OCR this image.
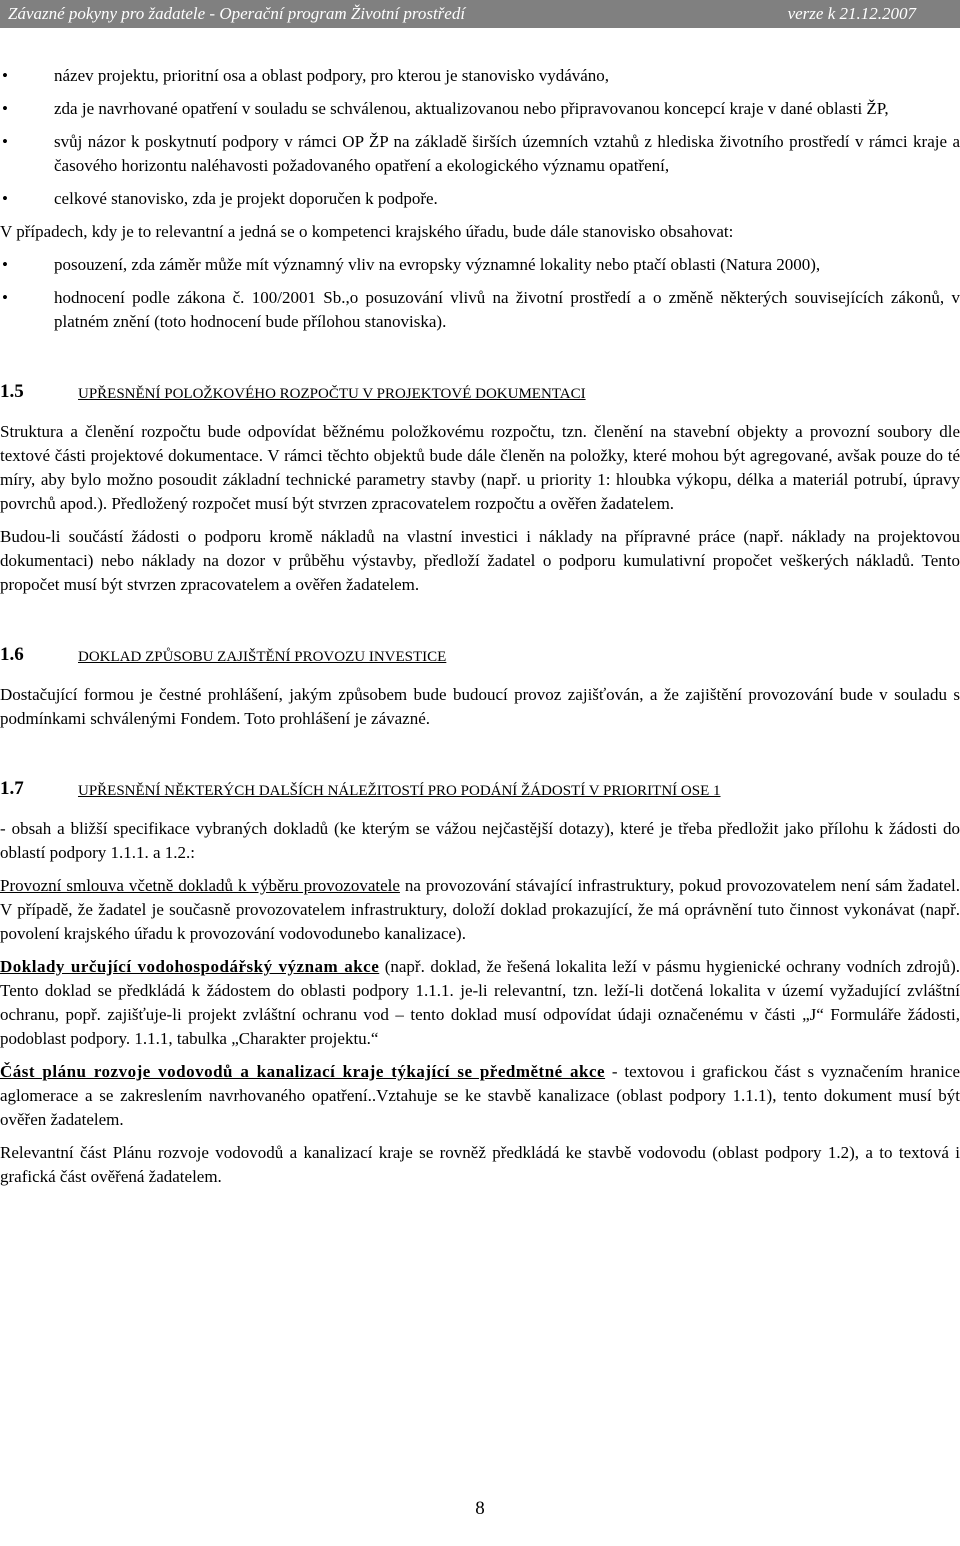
Závazné pokyny pro žadatele - Operační program Životní prostředí	verze k 21.12.2007
• název projektu, prioritní osa a oblast podpory, pro kterou je stanovisko vydáváno,
• zda je navrhované opatření v souladu se schválenou, aktualizovanou nebo připravovanou koncepcí kraje v dané oblasti ŽP,
• svůj názor k poskytnutí podpory v rámci OP ŽP na základě širších územních vztahů z hlediska životního prostředí v rámci kraje a časového horizontu naléhavosti požadovaného opatření a ekologického významu opatření,
• celkové stanovisko, zda je projekt doporučen k podpoře.

V případech, kdy je to relevantní a jedná se o kompetenci krajského úřadu, bude dále stanovisko obsahovat:

• posouzení, zda záměr může mít významný vliv na evropsky významné lokality nebo ptačí oblasti (Natura 2000),
• hodnocení podle zákona č. 100/2001 Sb.,o posuzování vlivů na životní prostředí a o změně některých souvisejících zákonů, v platném znění (toto hodnocení bude přílohou stanoviska).
1.5	UPŘESNĚNÍ POLOŽKOVÉHO ROZPOČTU V PROJEKTOVÉ DOKUMENTACI

Struktura a členění rozpočtu bude odpovídat běžnému položkovému rozpočtu, tzn. členění na stavební objekty a provozní soubory dle textové části projektové dokumentace. V rámci těchto objektů bude dále členěn na položky, které mohou být agregované, avšak pouze do té míry, aby bylo možno posoudit základní technické parametry stavby (např. u priority 1: hloubka výkopu, délka a materiál potrubí, úpravy povrchů apod.). Předložený rozpočet musí být stvrzen zpracovatelem rozpočtu a ověřen žadatelem.

Budou-li součástí žádosti o podporu kromě nákladů na vlastní investici i náklady na přípravné práce (např. náklady na projektovou dokumentaci) nebo náklady na dozor v průběhu výstavby, předloží žadatel o podporu kumulativní propočet veškerých nákladů. Tento propočet musí být stvrzen zpracovatelem a ověřen žadatelem.

1.6	DOKLAD ZPŮSOBU ZAJIŠTĚNÍ PROVOZU INVESTICE

Dostačující formou je čestné prohlášení, jakým způsobem bude budoucí provoz zajišťován, a že zajištění provozování bude v souladu s podmínkami schválenými Fondem. Toto prohlášení je závazné.

1.7	UPŘESNĚNÍ NĚKTERÝCH DALŠÍCH NÁLEŽITOSTÍ PRO PODÁNÍ ŽÁDOSTÍ V PRIORITNÍ OSE 1

- obsah a bližší specifikace vybraných dokladů (ke kterým se vážou nejčastější dotazy), které je třeba předložit jako přílohu k žádosti do oblastí podpory 1.1.1. a 1.2.:

Provozní smlouva včetně dokladů k výběru provozovatele na provozování stávající infrastruktury, pokud provozovatelem není sám žadatel. V případě, že žadatel je současně provozovatelem infrastruktury, doloží doklad prokazující, že má oprávnění tuto činnost vykonávat (např. povolení krajského úřadu k provozování vodovodunebo kanalizace).

Doklady určující vodohospodářský význam akce (např. doklad, že řešená lokalita leží v pásmu hygienické ochrany vodních zdrojů). Tento doklad se předkládá k žádostem do oblasti podpory 1.1.1. je-li relevantní, tzn. leží-li dotčená lokalita v území vyžadující zvláštní ochranu, popř. zajišťuje-li projekt zvláštní ochranu vod – tento doklad musí odpovídat údaji označenému v části „J“ Formuláře žádosti, podoblast podpory. 1.1.1, tabulka „Charakter projektu.“

Část plánu rozvoje vodovodů a kanalizací kraje týkající se předmětné akce - textovou i grafickou část s vyznačením hranice aglomerace a se zakreslením navrhovaného opatření..Vztahuje se ke stavbě kanalizace (oblast podpory 1.1.1), tento dokument musí být ověřen žadatelem.

Relevantní část Plánu rozvoje vodovodů a kanalizací kraje se rovněž předkládá ke stavbě vodovodu (oblast podpory 1.2), a to textová i grafická část ověřená žadatelem.

8
